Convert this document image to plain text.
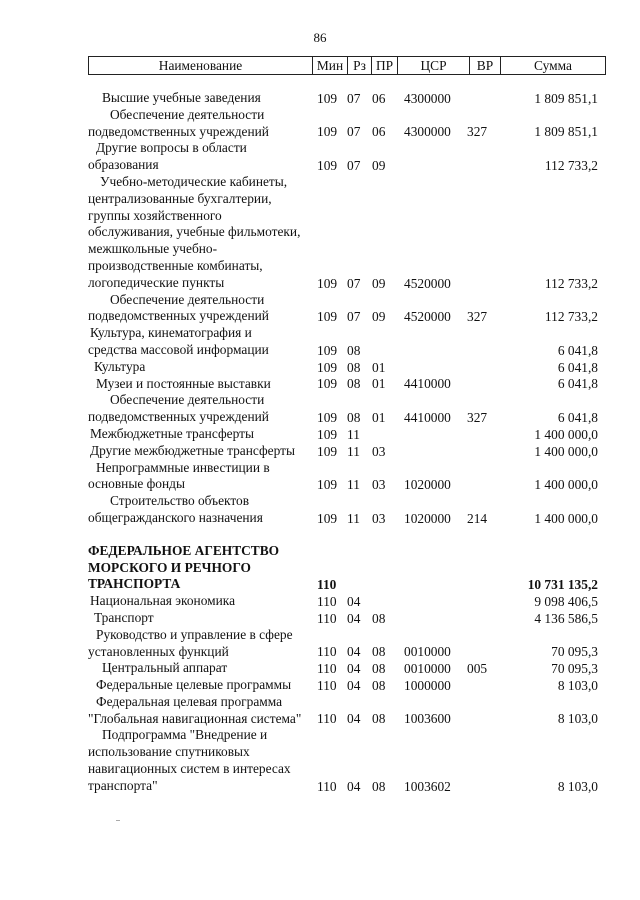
86
Наименование	Мин Рз ПР	ЦСР	ВР	Сумма
Высшие учебные заведения	109 07 06 4300000	1 809 851,1
Обеспечение деятельности
подведомственных учреждений	109 07 06 4300000 327	1 809 851,1
Другие вопросы в области
образования	109 07 09	112 733,2
Учебно-методические кабинеты,
централизованные бухгалтерии,
группы хозяйственного
обслуживания, учебные фильмотеки,
межшкольные учебно-
производственные комбинаты,
логопедические пункты	109 07 09 4520000	112 733,2
Обеспечение деятельности
подведомственных учреждений	109 07 09 4520000 327	112 733,2
Культура, кинематография и
средства массовой информации	109 08	6 041,8
Культура	109 08 01	6 041,8
Музеи и постоянные выставки	109 08 01 4410000	6 041,8
Обеспечение деятельности
подведомственных учреждений	109 08 01 4410000 327	6 041,8
Межбюджетные трансферты	109 11	1 400 000,0
Другие межбюджетные трансферты	109 11 03	1 400 000,0
Непрограммные инвестиции в
основные фонды	109 11 03 1020000	1 400 000,0
Строительство объектов
общегражданского назначения	109 11 03 1020000 214	1 400 000,0
ФЕДЕРАЛЬНОЕ АГЕНТСТВО
МОРСКОГО И РЕЧНОГО
ТРАНСПОРТА	110	10 731 135,2
Национальная экономика	110 04	9 098 406,5
Транспорт	110 04 08	4 136 586,5
Руководство и управление в сфере
установленных функций	110 04 08 0010000	70 095,3
Центральный аппарат	110 04 08 0010000 005	70 095,3
Федеральные целевые программы	110 04 08 1000000	8 103,0
Федеральная целевая программа
"Глобальная навигационная система"	110 04 08 1003600	8 103,0
Подпрограмма "Внедрение и
использование спутниковых
навигационных систем в интересах
транспорта"	110 04 08 1003602	8 103,0
